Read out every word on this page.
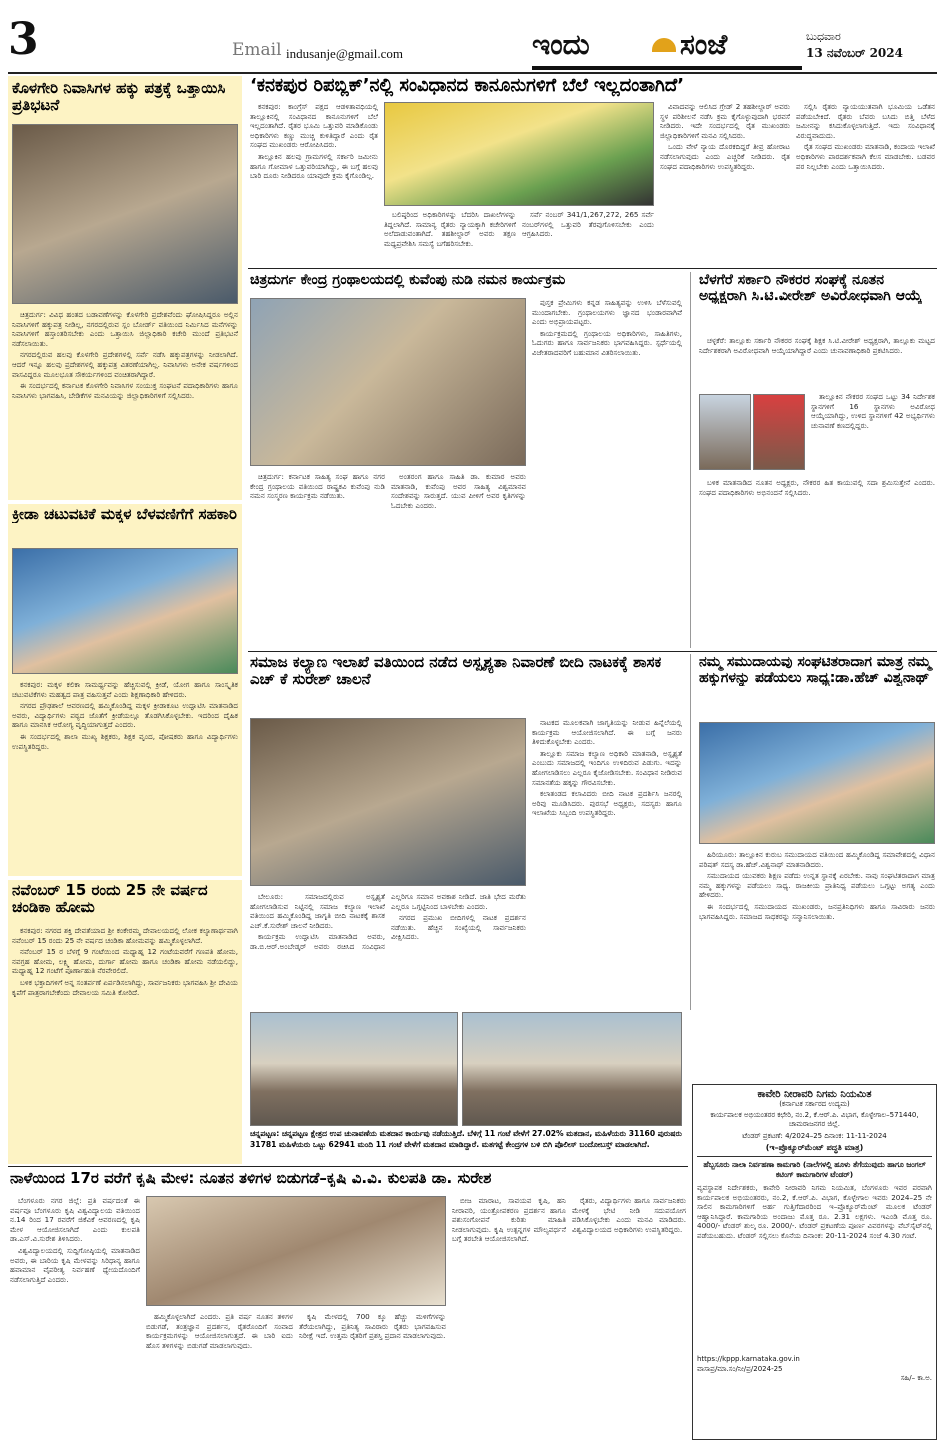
3	Email indusanje@gmail.com	ಇಂದು	ಸಂಜೆ	ಬುಧವಾರ
13 ನವೆಂಬರ್ 2024
ಕೊಳಗೇರಿ ನಿವಾಸಿಗಳ ಹಕ್ಕು ಪತ್ರಕ್ಕೆ ಒತ್ತಾಯಿಸಿ ಪ್ರತಿಭಟನೆ

ಚಿತ್ರದುರ್ಗ: ವಿವಿಧ ಹಂತದ ಬಡಾವಣೆಗಳನ್ನು ಕೊಳಗೇರಿ ಪ್ರದೇಶವೆಂದು ಘೋಷಿಸಿದ್ದರೂ ಅಲ್ಲಿನ ನಿವಾಸಿಗಳಿಗೆ ಹಕ್ಕುಪತ್ರ ನೀಡಿಲ್ಲ, ನಗರದಲ್ಲಿರುವ ಸ್ಲಂ ಬೋರ್ಡ್ ವತಿಯಿಂದ ನಿರ್ಮಿಸಿದ ಮನೆಗಳನ್ನು ನಿವಾಸಿಗಳಿಗೆ ಹಸ್ತಾಂತರಿಸಬೇಕು ಎಂದು ಒತ್ತಾಯಿಸಿ ಜಿಲ್ಲಾಧಿಕಾರಿ ಕಚೇರಿ ಮುಂದೆ ಪ್ರತಿಭಟನೆ ನಡೆಸಲಾಯಿತು.

ನಗರದಲ್ಲಿರುವ ಹಲವು ಕೊಳಗೇರಿ ಪ್ರದೇಶಗಳಲ್ಲಿ ಸರ್ವೆ ನಡೆಸಿ ಹಕ್ಕುಪತ್ರಗಳನ್ನು ನೀಡಲಾಗಿದೆ. ಆದರೆ ಇನ್ನೂ ಹಲವು ಪ್ರದೇಶಗಳಲ್ಲಿ ಹಕ್ಕುಪತ್ರ ವಿತರಣೆಯಾಗಿಲ್ಲ. ನಿವಾಸಿಗಳು ಅನೇಕ ವರ್ಷಗಳಿಂದ ವಾಸವಿದ್ದರೂ ಮೂಲಭೂತ ಸೌಕರ್ಯಗಳಿಂದ ವಂಚಿತರಾಗಿದ್ದಾರೆ.

ಈ ಸಂದರ್ಭದಲ್ಲಿ ಕರ್ನಾಟಕ ಕೊಳಗೇರಿ ನಿವಾಸಿಗಳ ಸಂಯುಕ್ತ ಸಂಘಟನೆ ಪದಾಧಿಕಾರಿಗಳು ಹಾಗೂ ನಿವಾಸಿಗಳು ಭಾಗವಹಿಸಿ, ಬೇಡಿಕೆಗಳ ಮನವಿಯನ್ನು ಜಿಲ್ಲಾಧಿಕಾರಿಗಳಿಗೆ ಸಲ್ಲಿಸಿದರು.

ಕ್ರೀಡಾ ಚಟುವಟಿಕೆ ಮಕ್ಕಳ ಬೆಳವಣಿಗೆಗೆ ಸಹಕಾರಿ

ಕನಕಪುರ: ಮಕ್ಕಳ ಕಲಿಕಾ ಸಾಮರ್ಥ್ಯವನ್ನು ಹೆಚ್ಚಿಸುವಲ್ಲಿ ಕ್ರೀಡೆ, ಯೋಗ ಹಾಗೂ ಸಾಂಸ್ಕೃತಿಕ ಚಟುವಟಿಕೆಗಳು ಮಹತ್ವದ ಪಾತ್ರ ವಹಿಸುತ್ತವೆ ಎಂದು ಶಿಕ್ಷಣಾಧಿಕಾರಿ ಹೇಳಿದರು.

ನಗರದ ಪ್ರೌಢಶಾಲೆ ಆವರಣದಲ್ಲಿ ಹಮ್ಮಿಕೊಂಡಿದ್ದ ಮಕ್ಕಳ ಕ್ರೀಡಾಕೂಟ ಉದ್ಘಾಟಿಸಿ ಮಾತನಾಡಿದ ಅವರು, ವಿದ್ಯಾರ್ಥಿಗಳು ಪಠ್ಯದ ಜೊತೆಗೆ ಕ್ರೀಡೆಯಲ್ಲೂ ತೊಡಗಿಸಿಕೊಳ್ಳಬೇಕು. ಇದರಿಂದ ದೈಹಿಕ ಹಾಗೂ ಮಾನಸಿಕ ಆರೋಗ್ಯ ವೃದ್ಧಿಯಾಗುತ್ತದೆ ಎಂದರು.

ಈ ಸಂದರ್ಭದಲ್ಲಿ ಶಾಲಾ ಮುಖ್ಯ ಶಿಕ್ಷಕರು, ಶಿಕ್ಷಕ ವೃಂದ, ಪೋಷಕರು ಹಾಗೂ ವಿದ್ಯಾರ್ಥಿಗಳು ಉಪಸ್ಥಿತರಿದ್ದರು.

ನವೆಂಬರ್ 15 ರಂದು 25 ನೇ ವರ್ಷದ ಚಂಡಿಕಾ ಹೋಮ

ಕನಕಪುರ: ನಗರದ ಶಕ್ತಿ ದೇವತೆಯಾದ ಶ್ರೀ ಕಂಕೇರಮ್ಮ ದೇವಾಲಯದಲ್ಲಿ ಲೋಕ ಕಲ್ಯಾಣಾರ್ಥವಾಗಿ ನವೆಂಬರ್ 15 ರಂದು 25 ನೇ ವರ್ಷದ ಚಂಡಿಕಾ ಹೋಮವನ್ನು ಹಮ್ಮಿಕೊಳ್ಳಲಾಗಿದೆ.

ನವೆಂಬರ್ 15 ರ ಬೆಳಗ್ಗೆ 9 ಗಂಟೆಯಿಂದ ಮಧ್ಯಾಹ್ನ 12 ಗಂಟೆಯವರೆಗೆ ಗಣಪತಿ ಹೋಮ, ನವಗ್ರಹ ಹೋಮ, ಲಕ್ಷ್ಮಿ ಹೋಮ, ದುರ್ಗಾ ಹೋಮ ಹಾಗೂ ಚಂಡಿಕಾ ಹೋಮ ನಡೆಯಲಿದ್ದು, ಮಧ್ಯಾಹ್ನ 12 ಗಂಟೆಗೆ ಪೂರ್ಣಾಹುತಿ ನೆರವೇರಲಿದೆ.

ಬಳಿಕ ಭಕ್ತಾದಿಗಳಿಗೆ ಅನ್ನ ಸಂತರ್ಪಣೆ ಏರ್ಪಡಿಸಲಾಗಿದ್ದು, ಸಾರ್ವಜನಿಕರು ಭಾಗವಹಿಸಿ ಶ್ರೀ ದೇವಿಯ ಕೃಪೆಗೆ ಪಾತ್ರರಾಗಬೇಕೆಂದು ದೇವಾಲಯ ಸಮಿತಿ ಕೋರಿದೆ.

‘ಕನಕಪುರ ರಿಪಬ್ಲಿಕ್’ನಲ್ಲಿ ಸಂವಿಧಾನದ ಕಾನೂನುಗಳಿಗೆ ಬೆಲೆ ಇಲ್ಲದಂತಾಗಿದೆ’

ಕನಕಪುರ: ಕಾಂಗ್ರೆಸ್ ಪಕ್ಷದ ಆಡಳಿತಾವಧಿಯಲ್ಲಿ ತಾಲ್ಲೂಕಿನಲ್ಲಿ ಸಂವಿಧಾನದ ಕಾನೂನುಗಳಿಗೆ ಬೆಲೆ ಇಲ್ಲದಂತಾಗಿದೆ. ರೈತರ ಭೂಮಿ ಒತ್ತುವರಿ ಮಾಡಿಕೊಂಡು ಅಧಿಕಾರಿಗಳು ಕಣ್ಣು ಮುಚ್ಚಿ ಕುಳಿತಿದ್ದಾರೆ ಎಂದು ರೈತ ಸಂಘದ ಮುಖಂಡರು ಆರೋಪಿಸಿದರು.

ತಾಲ್ಲೂಕಿನ ಹಲವು ಗ್ರಾಮಗಳಲ್ಲಿ ಸರ್ಕಾರಿ ಜಮೀನು ಹಾಗೂ ಗೋಮಾಳ ಒತ್ತುವರಿಯಾಗಿದ್ದು, ಈ ಬಗ್ಗೆ ಹಲವು ಬಾರಿ ದೂರು ನೀಡಿದರೂ ಯಾವುದೇ ಕ್ರಮ ಕೈಗೊಂಡಿಲ್ಲ.

ಬಲಿಷ್ಠರಿಂದ ಅಧಿಕಾರಿಗಳನ್ನು ಬೆದರಿಸಿ ದಾಖಲೆಗಳನ್ನು ತಿದ್ದಲಾಗಿದೆ. ಸಾಮಾನ್ಯ ರೈತರು ನ್ಯಾಯಕ್ಕಾಗಿ ಕಚೇರಿಗಳಿಗೆ ಅಲೆದಾಡುವಂತಾಗಿದೆ. ತಹಶೀಲ್ದಾರ್ ಅವರು ತಕ್ಷಣ ಮಧ್ಯಪ್ರವೇಶಿಸಿ ಸಮಸ್ಯೆ ಬಗೆಹರಿಸಬೇಕು.

ಸರ್ವೆ ನಂಬರ್ 341/1,267,272, 265 ಸರ್ವೆ ನಂಬರ್‌ಗಳಲ್ಲಿ ಒತ್ತುವರಿ ತೆರವುಗೊಳಿಸಬೇಕು ಎಂದು ಆಗ್ರಹಿಸಿದರು.

ವಿವಾದವನ್ನು ಆಲಿಸಿದ ಗ್ರೇಡ್ 2 ತಹಶೀಲ್ದಾರ್ ಅವರು ಸ್ಥಳ ಪರಿಶೀಲನೆ ನಡೆಸಿ ಕ್ರಮ ಕೈಗೊಳ್ಳುವುದಾಗಿ ಭರವಸೆ ನೀಡಿದರು. ಇದೇ ಸಂದರ್ಭದಲ್ಲಿ ರೈತ ಮುಖಂಡರು ಜಿಲ್ಲಾಧಿಕಾರಿಗಳಿಗೆ ಮನವಿ ಸಲ್ಲಿಸಿದರು.

ಒಂದು ವೇಳೆ ನ್ಯಾಯ ದೊರಕದಿದ್ದರೆ ತೀವ್ರ ಹೋರಾಟ ನಡೆಸಲಾಗುವುದು ಎಂದು ಎಚ್ಚರಿಕೆ ನೀಡಿದರು. ರೈತ ಸಂಘದ ಪದಾಧಿಕಾರಿಗಳು ಉಪಸ್ಥಿತರಿದ್ದರು.

ಸಲ್ಲಿಸಿ ರೈತರು ನ್ಯಾಯಯುತವಾಗಿ ಭೂಮಿಯ ಒಡೆತನ ಪಡೆಯಬೇಕಿದೆ. ರೈತರು ಬೆವರು ಬಸಿದು ಬಿತ್ತಿ ಬೆಳೆದ ಜಮೀನನ್ನು ಕಸಿದುಕೊಳ್ಳಲಾಗುತ್ತಿದೆ. ಇದು ಸಂವಿಧಾನಕ್ಕೆ ವಿರುದ್ಧವಾದುದು.

ರೈತ ಸಂಘದ ಮುಖಂಡರು ಮಾತನಾಡಿ, ಕಂದಾಯ ಇಲಾಖೆ ಅಧಿಕಾರಿಗಳು ಪಾರದರ್ಶಕವಾಗಿ ಕೆಲಸ ಮಾಡಬೇಕು. ಬಡವರ ಪರ ನಿಲ್ಲಬೇಕು ಎಂದು ಒತ್ತಾಯಿಸಿದರು.

ಚಿತ್ರದುರ್ಗ ಕೇಂದ್ರ ಗ್ರಂಥಾಲಯದಲ್ಲಿ ಕುವೆಂಪು ನುಡಿ ನಮನ ಕಾರ್ಯಕ್ರಮ

ಚಿತ್ರದುರ್ಗ: ಕರ್ನಾಟಕ ಸಾಹಿತ್ಯ ಸಂಘ ಹಾಗೂ ನಗರ ಕೇಂದ್ರ ಗ್ರಂಥಾಲಯ ವತಿಯಿಂದ ರಾಷ್ಟ್ರಕವಿ ಕುವೆಂಪು ನುಡಿ ನಮನ ಸಂಸ್ಮರಣ ಕಾರ್ಯಕ್ರಮ ನಡೆಯಿತು.

ಅಂತರಂಗ ಹಾಗೂ ಸಾಹಿತಿ ಡಾ. ಕುಮಾರ ಅವರು ಮಾತನಾಡಿ, ಕುವೆಂಪು ಅವರ ಸಾಹಿತ್ಯ ವಿಶ್ವಮಾನವ ಸಂದೇಶವನ್ನು ಸಾರುತ್ತದೆ. ಯುವ ಪೀಳಿಗೆ ಅವರ ಕೃತಿಗಳನ್ನು ಓದಬೇಕು ಎಂದರು.

ಪುಸ್ತಕ ಪ್ರೇಮಿಗಳು ಕನ್ನಡ ಸಾಹಿತ್ಯವನ್ನು ಉಳಿಸಿ ಬೆಳೆಸುವಲ್ಲಿ ಮುಂದಾಗಬೇಕು. ಗ್ರಂಥಾಲಯಗಳು ಜ್ಞಾನದ ಭಂಡಾರವಾಗಿವೆ ಎಂದು ಅಭಿಪ್ರಾಯಪಟ್ಟರು.

ಕಾರ್ಯಕ್ರಮದಲ್ಲಿ ಗ್ರಂಥಾಲಯ ಅಧಿಕಾರಿಗಳು, ಸಾಹಿತಿಗಳು, ಓದುಗರು ಹಾಗೂ ಸಾರ್ವಜನಿಕರು ಭಾಗವಹಿಸಿದ್ದರು. ಸ್ಪರ್ಧೆಯಲ್ಲಿ ವಿಜೇತರಾದವರಿಗೆ ಬಹುಮಾನ ವಿತರಿಸಲಾಯಿತು.

ಬೆಳಗೆರೆ ಸರ್ಕಾರಿ ನೌಕರರ ಸಂಘಕ್ಕೆ ನೂತನ ಅಧ್ಯಕ್ಷರಾಗಿ ಸಿ.ಟಿ.ವೀರೇಶ್ ಅವಿರೋಧವಾಗಿ ಆಯ್ಕೆ

ಚಳ್ಳಕೆರೆ: ತಾಲ್ಲೂಕು ಸರ್ಕಾರಿ ನೌಕರರ ಸಂಘಕ್ಕೆ ಶಿಕ್ಷಕ ಸಿ.ಟಿ.ವೀರೇಶ್ ಅಧ್ಯಕ್ಷರಾಗಿ, ತಾಲ್ಲೂಕು ಮಟ್ಟದ ನಿರ್ದೇಶಕರಾಗಿ ಅವಿರೋಧವಾಗಿ ಆಯ್ಕೆಯಾಗಿದ್ದಾರೆ ಎಂದು ಚುನಾವಣಾಧಿಕಾರಿ ಪ್ರಕಟಿಸಿದರು.

ತಾಲ್ಲೂಕಿನ ನೌಕರರ ಸಂಘದ ಒಟ್ಟು 34 ನಿರ್ದೇಶಕ ಸ್ಥಾನಗಳಿಗೆ 16 ಸ್ಥಾನಗಳು ಅವಿರೋಧ ಆಯ್ಕೆಯಾಗಿದ್ದು, ಉಳಿದ ಸ್ಥಾನಗಳಿಗೆ 42 ಅಭ್ಯರ್ಥಿಗಳು ಚುನಾವಣೆ ಕಣದಲ್ಲಿದ್ದರು.

ಬಳಿಕ ಮಾತನಾಡಿದ ನೂತನ ಅಧ್ಯಕ್ಷರು, ನೌಕರರ ಹಿತ ಕಾಯುವಲ್ಲಿ ಸದಾ ಶ್ರಮಿಸುತ್ತೇನೆ ಎಂದರು. ಸಂಘದ ಪದಾಧಿಕಾರಿಗಳು ಅಭಿನಂದನೆ ಸಲ್ಲಿಸಿದರು.

ಸಮಾಜ ಕಲ್ಯಾಣ ಇಲಾಖೆ ವತಿಯಿಂದ ನಡೆದ ಅಸ್ಪೃಶ್ಯತಾ ನಿವಾರಣೆ ಬೀದಿ ನಾಟಕಕ್ಕೆ ಶಾಸಕ ಎಚ್ ಕೆ ಸುರೇಶ್ ಚಾಲನೆ

ನಾಟಕದ ಮೂಲಕವಾಗಿ ಜಾಗೃತಿಯನ್ನು ನೀಡುವ ಹಿನ್ನೆಲೆಯಲ್ಲಿ ಕಾರ್ಯಕ್ರಮ ಆಯೋಜಿಸಲಾಗಿದೆ. ಈ ಬಗ್ಗೆ ಜನರು ತಿಳಿದುಕೊಳ್ಳಬೇಕು ಎಂದರು.

ತಾಲ್ಲೂಕು ಸಮಾಜ ಕಲ್ಯಾಣ ಅಧಿಕಾರಿ ಮಾತನಾಡಿ, ಅಸ್ಪೃಶ್ಯತೆ ಎಂಬುದು ಸಮಾಜದಲ್ಲಿ ಇಂದಿಗೂ ಉಳಿದಿರುವ ಪಿಡುಗು. ಇದನ್ನು ಹೋಗಲಾಡಿಸಲು ಎಲ್ಲರೂ ಕೈಜೋಡಿಸಬೇಕು. ಸಂವಿಧಾನ ನೀಡಿರುವ ಸಮಾನತೆಯ ಹಕ್ಕನ್ನು ಗೌರವಿಸಬೇಕು.

ಕಲಾತಂಡದ ಕಲಾವಿದರು ಬೀದಿ ನಾಟಕ ಪ್ರದರ್ಶಿಸಿ ಜನರಲ್ಲಿ ಅರಿವು ಮೂಡಿಸಿದರು. ಪುರಸಭೆ ಅಧ್ಯಕ್ಷರು, ಸದಸ್ಯರು ಹಾಗೂ ಇಲಾಖೆಯ ಸಿಬ್ಬಂದಿ ಉಪಸ್ಥಿತರಿದ್ದರು.

ಬೇಲೂರು: ಸಮಾಜದಲ್ಲಿರುವ ಅಸ್ಪೃಶ್ಯತೆ ಹೋಗಲಾಡಿಸುವ ನಿಟ್ಟಿನಲ್ಲಿ ಸಮಾಜ ಕಲ್ಯಾಣ ಇಲಾಖೆ ವತಿಯಿಂದ ಹಮ್ಮಿಕೊಂಡಿದ್ದ ಜಾಗೃತಿ ಬೀದಿ ನಾಟಕಕ್ಕೆ ಶಾಸಕ ಎಚ್.ಕೆ.ಸುರೇಶ್ ಚಾಲನೆ ನೀಡಿದರು.

ಕಾರ್ಯಕ್ರಮ ಉದ್ಘಾಟಿಸಿ ಮಾತನಾಡಿದ ಅವರು, ಡಾ.ಬಿ.ಆರ್.ಅಂಬೇಡ್ಕರ್ ಅವರು ರಚಿಸಿದ ಸಂವಿಧಾನ ಎಲ್ಲರಿಗೂ ಸಮಾನ ಅವಕಾಶ ನೀಡಿದೆ. ಜಾತಿ ಭೇದ ಮರೆತು ಎಲ್ಲರೂ ಒಗ್ಗಟ್ಟಿನಿಂದ ಬಾಳಬೇಕು ಎಂದರು.

ನಗರದ ಪ್ರಮುಖ ಬೀದಿಗಳಲ್ಲಿ ನಾಟಕ ಪ್ರದರ್ಶನ ನಡೆಯಿತು. ಹೆಚ್ಚಿನ ಸಂಖ್ಯೆಯಲ್ಲಿ ಸಾರ್ವಜನಿಕರು ವೀಕ್ಷಿಸಿದರು.

ನಮ್ಮ ಸಮುದಾಯವು ಸಂಘಟಿತರಾದಾಗ ಮಾತ್ರ ನಮ್ಮ ಹಕ್ಕುಗಳನ್ನು ಪಡೆಯಲು ಸಾಧ್ಯ:ಡಾ.ಹೆಚ್ ವಿಶ್ವನಾಥ್

ಹಿರಿಯೂರು: ತಾಲ್ಲೂಕಿನ ಕುರುಬ ಸಮುದಾಯದ ವತಿಯಿಂದ ಹಮ್ಮಿಕೊಂಡಿದ್ದ ಸಮಾವೇಶದಲ್ಲಿ ವಿಧಾನ ಪರಿಷತ್ ಸದಸ್ಯ ಡಾ.ಹೆಚ್.ವಿಶ್ವನಾಥ್ ಮಾತನಾಡಿದರು.

ಸಮುದಾಯದ ಯುವಕರು ಶಿಕ್ಷಣ ಪಡೆದು ಉನ್ನತ ಸ್ಥಾನಕ್ಕೆ ಏರಬೇಕು. ನಾವು ಸಂಘಟಿತರಾದಾಗ ಮಾತ್ರ ನಮ್ಮ ಹಕ್ಕುಗಳನ್ನು ಪಡೆಯಲು ಸಾಧ್ಯ. ರಾಜಕೀಯ ಪ್ರಾತಿನಿಧ್ಯ ಪಡೆಯಲು ಒಗ್ಗಟ್ಟು ಅಗತ್ಯ ಎಂದು ಹೇಳಿದರು.

ಈ ಸಂದರ್ಭದಲ್ಲಿ ಸಮುದಾಯದ ಮುಖಂಡರು, ಜನಪ್ರತಿನಿಧಿಗಳು ಹಾಗೂ ಸಾವಿರಾರು ಜನರು ಭಾಗವಹಿಸಿದ್ದರು. ಸಮಾಜದ ಸಾಧಕರನ್ನು ಸನ್ಮಾನಿಸಲಾಯಿತು.

ಚನ್ನಪಟ್ಟಣ: ಚನ್ನಪಟ್ಟಣ ಕ್ಷೇತ್ರದ ಉಪ ಚುನಾವಣೆಯ ಮತದಾನ ಕಾರ್ಯವು ನಡೆಯುತ್ತಿದೆ. ಬೆಳಿಗ್ಗೆ 11 ಗಂಟೆ ವೇಳೆಗೆ 27.02% ಮತದಾನ, ಮಹಿಳೆಯರು 31160 ಪುರುಷರು 31781 ಮಹಿಳೆಯರು ಒಟ್ಟು 62941 ಮಂದಿ 11 ಗಂಟೆ ವೇಳೆಗೆ ಮತದಾನ ಮಾಡಿದ್ದಾರೆ. ಮತಗಟ್ಟೆ ಕೇಂದ್ರಗಳ ಬಳಿ ಬಿಗಿ ಪೊಲೀಸ್ ಬಂದೋಬಸ್ತ್ ಮಾಡಲಾಗಿದೆ.
ಕಾವೇರಿ ನೀರಾವರಿ ನಿಗಮ ನಿಯಮಿತ
(ಕರ್ನಾಟಕ ಸರ್ಕಾರದ ಉದ್ಯಮ)
ಕಾರ್ಯಪಾಲಕ ಅಭಿಯಂತರರ ಕಛೇರಿ, ನಂ.2, ಕೆ.ಆರ್.ಪಿ. ವಿಭಾಗ, ಕೊಳ್ಳೇಗಾಲ–571440, ಚಾಮರಾಜನಗರ ಜಿಲ್ಲೆ.
ಟೆಂಡರ್ ಪ್ರಕಟಣೆ: 4/2024–25 ದಿನಾಂಕ: 11-11-2024
(ಇ–ಪ್ರೊಕ್ಯೂರ್‌ಮೆಂಟ್ ಪದ್ಧತಿ ಮಾತ್ರ)
ಹೆಬ್ಬಸೂರು ನಾಲಾ ನಿರ್ವಹಣಾ ಕಾಮಗಾರಿ (ನಾಲೆಗಳಲ್ಲಿ ಹೂಳು ತೆಗೆಯುವುದು ಹಾಗೂ ಜಂಗಲ್ ಕಟಿಂಗ್ ಕಾಮಗಾರಿಗಳ ಟೆಂಡರ್)
ವ್ಯವಸ್ಥಾಪಕ ನಿರ್ದೇಶಕರು, ಕಾವೇರಿ ನೀರಾವರಿ ನಿಗಮ ನಿಯಮಿತ, ಬೆಂಗಳೂರು ಇವರ ಪರವಾಗಿ ಕಾರ್ಯಪಾಲಕ ಅಭಿಯಂತರರು, ನಂ.2, ಕೆ.ಆರ್.ಪಿ. ವಿಭಾಗ, ಕೊಳ್ಳೇಗಾಲ ಇವರು 2024–25 ನೇ ಸಾಲಿನ ಕಾಮಗಾರಿಗಳಿಗೆ ಅರ್ಹ ಗುತ್ತಿಗೆದಾರರಿಂದ ಇ–ಪ್ರೊಕ್ಯೂರ್‌ಮೆಂಟ್ ಮೂಲಕ ಟೆಂಡರ್ ಆಹ್ವಾನಿಸಿದ್ದಾರೆ. ಕಾಮಗಾರಿಯ ಅಂದಾಜು ಮೊತ್ತ ರೂ. 2.31 ಲಕ್ಷಗಳು. ಇಎಂಡಿ ಮೊತ್ತ ರೂ. 4000/- ಟೆಂಡರ್ ಶುಲ್ಕ ರೂ. 2000/-. ಟೆಂಡರ್ ಪ್ರಕಟಣೆಯ ಪೂರ್ಣ ವಿವರಗಳನ್ನು ವೆಬ್‌ಸೈಟ್‌ನಲ್ಲಿ ಪಡೆಯಬಹುದು. ಟೆಂಡರ್ ಸಲ್ಲಿಸಲು ಕೊನೆಯ ದಿನಾಂಕ: 20-11-2024 ಸಂಜೆ 4.30 ಗಂಟೆ.
https://kppp.karnataka.gov.in
ವಾಸಾಪ್ರ/ಮಾ.ಸಂ/ನೀ/ಪ್ರ/2024-25
ಸಹಿ/– ಕಾ.ಅ.
ನಾಳೆಯಿಂದ 17ರ ವರೆಗೆ ಕೃಷಿ ಮೇಳ: ನೂತನ ತಳಿಗಳ ಬಿಡುಗಡೆ–ಕೃಷಿ ವಿ.ವಿ. ಕುಲಪತಿ ಡಾ. ಸುರೇಶ

ಬೆಂಗಳೂರು ನಗರ ಜಿಲ್ಲೆ: ಪ್ರತಿ ವರ್ಷದಂತೆ ಈ ವರ್ಷವೂ ಬೆಂಗಳೂರು ಕೃಷಿ ವಿಶ್ವವಿದ್ಯಾಲಯ ವತಿಯಿಂದ ನ.14 ರಿಂದ 17 ರವರೆಗೆ ಜಿಕೆವಿಕೆ ಆವರಣದಲ್ಲಿ ಕೃಷಿ ಮೇಳ ಆಯೋಜಿಸಲಾಗಿದೆ ಎಂದು ಕುಲಪತಿ ಡಾ.ಎಸ್.ವಿ.ಸುರೇಶ ತಿಳಿಸಿದರು.

ವಿಶ್ವವಿದ್ಯಾಲಯದಲ್ಲಿ ಸುದ್ದಿಗೋಷ್ಠಿಯಲ್ಲಿ ಮಾತನಾಡಿದ ಅವರು, ಈ ಬಾರಿಯ ಕೃಷಿ ಮೇಳವನ್ನು ಸಿರಿಧಾನ್ಯ ಹಾಗೂ ಹವಾಮಾನ ವೈಪರೀತ್ಯ ನಿರ್ವಹಣೆ ಧ್ಯೇಯದೊಂದಿಗೆ ನಡೆಸಲಾಗುತ್ತಿದೆ ಎಂದರು.

ಹಮ್ಮಿಕೊಳ್ಳಲಾಗಿದೆ ಎಂದರು. ಪ್ರತಿ ವರ್ಷ ನೂತನ ತಳಿಗಳ ಬಿಡುಗಡೆ, ತಂತ್ರಜ್ಞಾನ ಪ್ರದರ್ಶನ, ರೈತರೊಂದಿಗೆ ಸಂವಾದ ಕಾರ್ಯಕ್ರಮಗಳನ್ನು ಆಯೋಜಿಸಲಾಗುತ್ತದೆ. ಈ ಬಾರಿ ಐದು ಹೊಸ ತಳಿಗಳನ್ನು ಬಿಡುಗಡೆ ಮಾಡಲಾಗುವುದು.

ಕೃಷಿ ಮೇಳದಲ್ಲಿ 700 ಕ್ಕೂ ಹೆಚ್ಚು ಮಳಿಗೆಗಳನ್ನು ತೆರೆಯಲಾಗಿದ್ದು, ಪ್ರತಿನಿತ್ಯ ಸಾವಿರಾರು ರೈತರು ಭಾಗವಹಿಸುವ ನಿರೀಕ್ಷೆ ಇದೆ. ಉತ್ತಮ ರೈತರಿಗೆ ಪ್ರಶಸ್ತಿ ಪ್ರದಾನ ಮಾಡಲಾಗುವುದು.

ಬೀಜ ಮಾರಾಟ, ಸಾವಯವ ಕೃಷಿ, ಹನಿ ನೀರಾವರಿ, ಯಂತ್ರೋಪಕರಣ ಪ್ರದರ್ಶನ ಹಾಗೂ ಪಶುಸಂಗೋಪನೆ ಕುರಿತು ಮಾಹಿತಿ ನೀಡಲಾಗುವುದು. ಕೃಷಿ ಉತ್ಪನ್ನಗಳ ಮೌಲ್ಯವರ್ಧನೆ ಬಗ್ಗೆ ತರಬೇತಿ ಆಯೋಜಿಸಲಾಗಿದೆ.

ರೈತರು, ವಿದ್ಯಾರ್ಥಿಗಳು ಹಾಗೂ ಸಾರ್ವಜನಿಕರು ಮೇಳಕ್ಕೆ ಭೇಟಿ ನೀಡಿ ಸದುಪಯೋಗ ಪಡಿಸಿಕೊಳ್ಳಬೇಕು ಎಂದು ಮನವಿ ಮಾಡಿದರು. ವಿಶ್ವವಿದ್ಯಾಲಯದ ಅಧಿಕಾರಿಗಳು ಉಪಸ್ಥಿತರಿದ್ದರು.
